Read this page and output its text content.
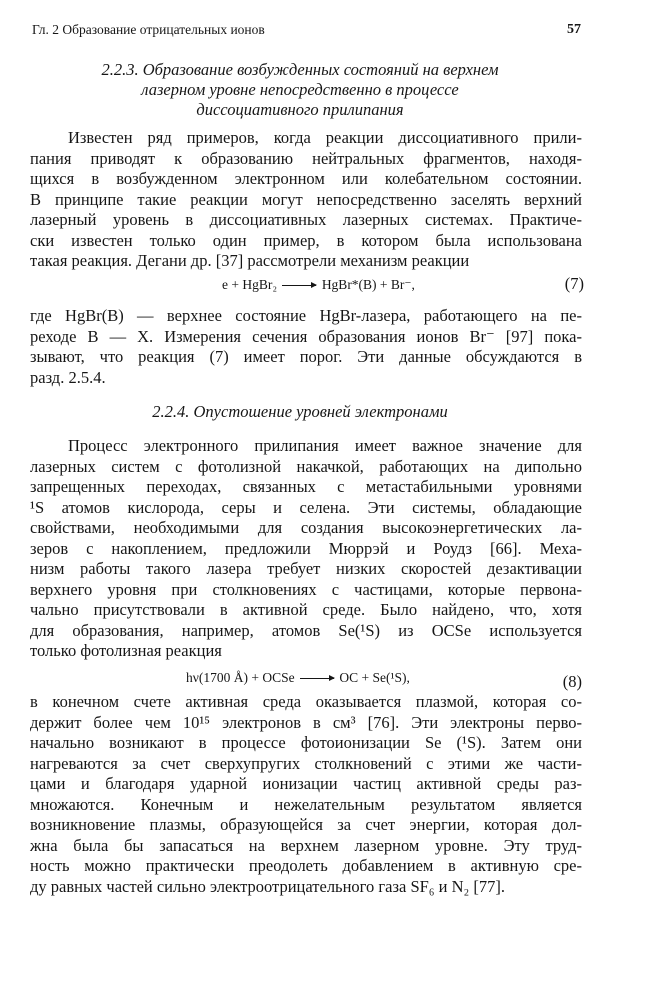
Гл. 2 Образование отрицательных ионов	57
2.2.3. Образование возбужденных состояний на верхнем
лазерном уровне непосредственно в процессе
диссоциативного прилипания
Известен ряд примеров, когда реакции диссоциативного прили-
пания приводят к образованию нейтральных фрагментов, находя-
щихся в возбужденном электронном или колебательном состоянии.
В принципе такие реакции могут непосредственно заселять верхний
лазерный уровень в диссоциативных лазерных системах. Практиче-
ски известен только один пример, в котором была использована
такая реакция. Дегани др. [37] рассмотрели механизм реакции
e + HgBr₂ → HgBr*(B) + Br⁻,	(7)
где HgBr(B) — верхнее состояние HgBr-лазера, работающего на пе-
реходе B — X. Измерения сечения образования ионов Br⁻ [97] пока-
зывают, что реакция (7) имеет порог. Эти данные обсуждаются в
разд. 2.5.4.
2.2.4. Опустошение уровней электронами
Процесс электронного прилипания имеет важное значение для
лазерных систем с фотолизной накачкой, работающих на дипольно
запрещенных переходах, связанных с метастабильными уровнями
¹S атомов кислорода, серы и селена. Эти системы, обладающие
свойствами, необходимыми для создания высокоэнергетических ла-
зеров с накоплением, предложили Мюррэй и Роудз [66]. Меха-
низм работы такого лазера требует низких скоростей дезактивации
верхнего уровня при столкновениях с частицами, которые первона-
чально присутствовали в активной среде. Было найдено, что, хотя
для образования, например, атомов Se(¹S) из OCSe используется
только фотолизная реакция
hν(1700 Å) + OCSe → OC + Se(¹S),	(8)
в конечном счете активная среда оказывается плазмой, которая со-
держит более чем 10¹⁵ электронов в см³ [76]. Эти электроны перво-
начально возникают в процессе фотоионизации Se (¹S). Затем они
нагреваются за счет сверхупругих столкновений с этими же части-
цами и благодаря ударной ионизации частиц активной среды раз-
множаются. Конечным и нежелательным результатом является
возникновение плазмы, образующейся за счет энергии, которая дол-
жна была бы запасаться на верхнем лазерном уровне. Эту труд-
ность можно практически преодолеть добавлением в активную сре-
ду равных частей сильно электроотрицательного газа SF₆ и N₂ [77].
